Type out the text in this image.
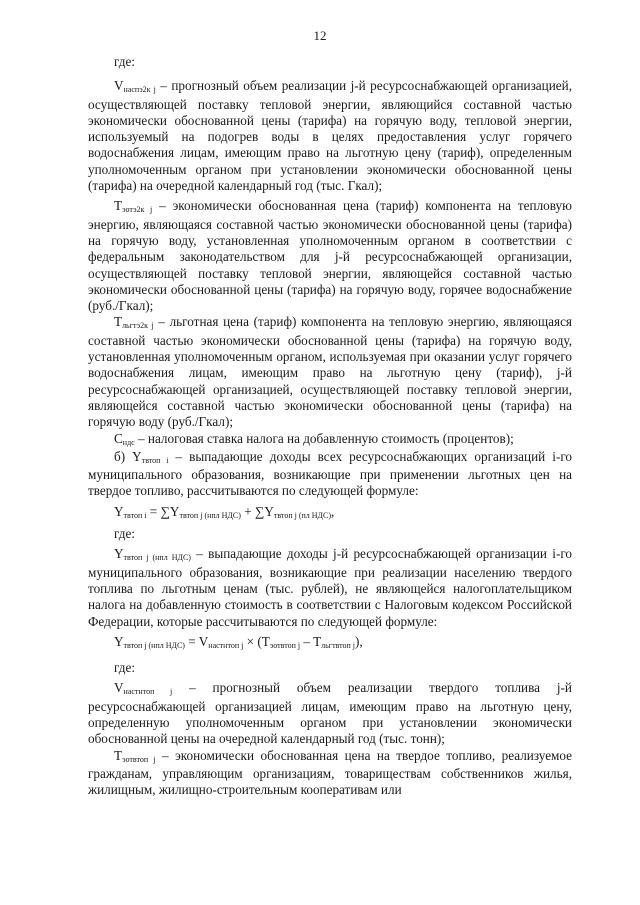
12

где:

Vнаспэ2к j – прогнозный объем реализации j-й ресурсоснабжающей организацией, осуществляющей поставку тепловой энергии, являющийся составной частью экономически обоснованной цены (тарифа) на горячую воду, тепловой энергии, используемый на подогрев воды в целях предоставления услуг горячего водоснабжения лицам, имеющим право на льготную цену (тариф), определенным уполномоченным органом при установлении экономически обоснованной цены (тарифа) на очередной календарный год (тыс. Гкал);

Tэотэ2к j – экономически обоснованная цена (тариф) компонента на тепловую энергию, являющаяся составной частью экономически обоснованной цены (тарифа) на горячую воду, установленная уполномоченным органом в соответствии с федеральным законодательством для j-й ресурсоснабжающей организации, осуществляющей поставку тепловой энергии, являющейся составной частью экономически обоснованной цены (тарифа) на горячую воду, горячее водоснабжение (руб./Гкал);

Tльгтэ2к j – льготная цена (тариф) компонента на тепловую энергию, являющаяся составной частью экономически обоснованной цены (тарифа) на горячую воду, установленная уполномоченным органом, используемая при оказании услуг горячего водоснабжения лицам, имеющим право на льготную цену (тариф), j-й ресурсоснабжающей организацией, осуществляющей поставку тепловой энергии, являющейся составной частью экономически обоснованной цены (тарифа) на горячую воду (руб./Гкал);

Сндс – налоговая ставка налога на добавленную стоимость (процентов);

б) Yтвтоп i – выпадающие доходы всех ресурсоснабжающих организаций i-го муниципального образования, возникающие при применении льготных цен на твердое топливо, рассчитываются по следующей формуле:

Yтвтоп i = ∑Yтвтоп j (нпл НДС) + ∑Yтвтоп j (пл НДС),

где:

Yтвтоп j (нпл НДС) – выпадающие доходы j-й ресурсоснабжающей организации i-го муниципального образования, возникающие при реализации населению твердого топлива по льготным ценам (тыс. рублей), не являющейся налогоплательщиком налога на добавленную стоимость в соответствии с Налоговым кодексом Российской Федерации, которые рассчитываются по следующей формуле:

Yтвтоп j (нпл НДС) = Vнастнтоп j × (Tэотвтоп j – Tльгтвтоп j),

где:

Vнастнтоп j – прогнозный объем реализации твердого топлива j-й ресурсоснабжающей организацией лицам, имеющим право на льготную цену, определенную уполномоченным органом при установлении экономически обоснованной цены на очередной календарный год (тыс. тонн);

Tэотвтоп j – экономически обоснованная цена на твердое топливо, реализуемое гражданам, управляющим организациям, товариществам собственников жилья, жилищным, жилищно-строительным кооперативам или
